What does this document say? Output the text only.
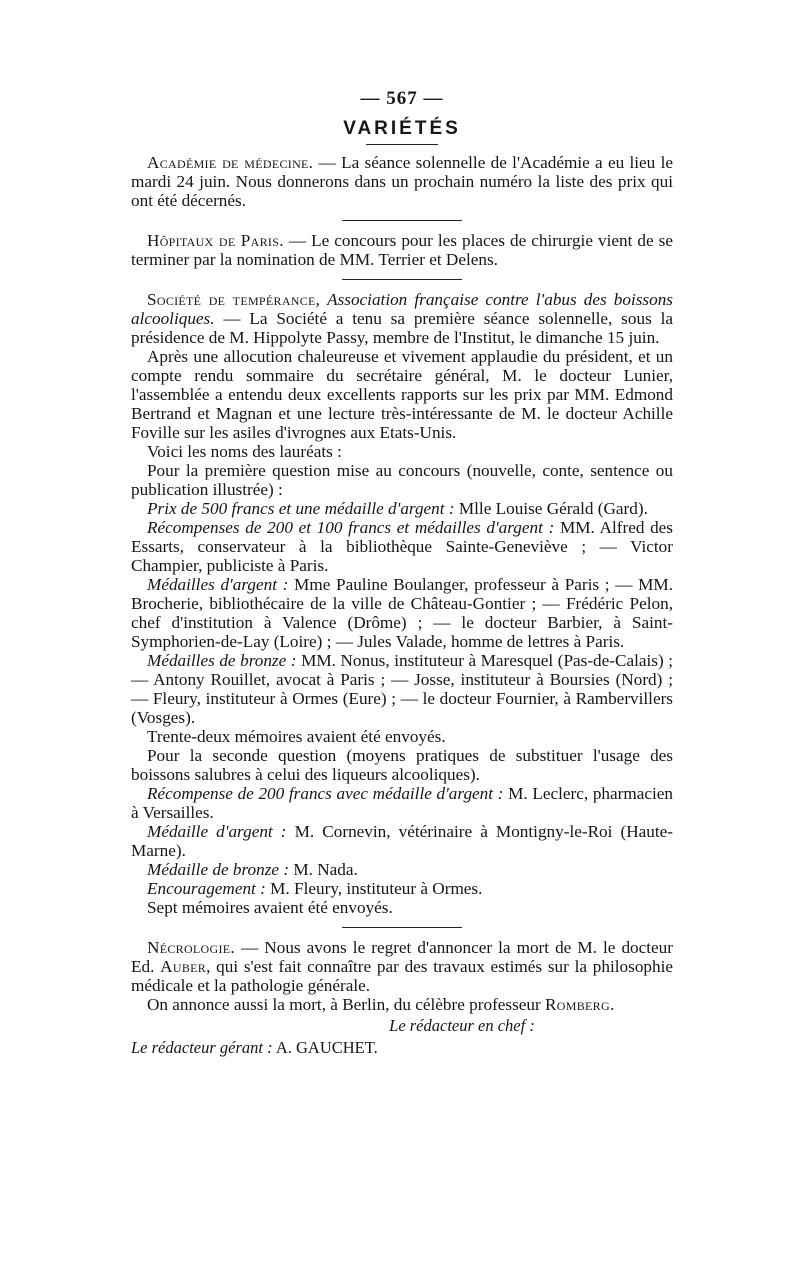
— 567 —
VARIÉTÉS

Académie de médecine. — La séance solennelle de l'Académie a eu lieu le mardi 24 juin. Nous donnerons dans un prochain numéro la liste des prix qui ont été décernés.

Hôpitaux de Paris. — Le concours pour les places de chirurgie vient de se terminer par la nomination de MM. Terrier et Delens.

Société de tempérance, Association française contre l'abus des boissons alcooliques. — La Société a tenu sa première séance solennelle, sous la présidence de M. Hippolyte Passy, membre de l'Institut, le dimanche 15 juin.

Après une allocution chaleureuse et vivement applaudie du président, et un compte rendu sommaire du secrétaire général, M. le docteur Lunier, l'assemblée a entendu deux excellents rapports sur les prix par MM. Edmond Bertrand et Magnan et une lecture très-intéressante de M. le docteur Achille Foville sur les asiles d'ivrognes aux Etats-Unis.

Voici les noms des lauréats :

Pour la première question mise au concours (nouvelle, conte, sentence ou publication illustrée) :

Prix de 500 francs et une médaille d'argent : Mlle Louise Gérald (Gard).

Récompenses de 200 et 100 francs et médailles d'argent : MM. Alfred des Essarts, conservateur à la bibliothèque Sainte-Geneviève ; — Victor Champier, publiciste à Paris.

Médailles d'argent : Mme Pauline Boulanger, professeur à Paris ; — MM. Brocherie, bibliothécaire de la ville de Château-Gontier ; — Frédéric Pelon, chef d'institution à Valence (Drôme) ; — le docteur Barbier, à Saint-Symphorien-de-Lay (Loire) ; — Jules Valade, homme de lettres à Paris.

Médailles de bronze : MM. Nonus, instituteur à Maresquel (Pas-de-Calais) ; — Antony Rouillet, avocat à Paris ; — Josse, instituteur à Boursies (Nord) ; — Fleury, instituteur à Ormes (Eure) ; — le docteur Fournier, à Rambervillers (Vosges).

Trente-deux mémoires avaient été envoyés.

Pour la seconde question (moyens pratiques de substituer l'usage des boissons salubres à celui des liqueurs alcooliques).

Récompense de 200 francs avec médaille d'argent : M. Leclerc, pharmacien à Versailles.

Médaille d'argent : M. Cornevin, vétérinaire à Montigny-le-Roi (Haute-Marne).

Médaille de bronze : M. Nada.

Encouragement : M. Fleury, instituteur à Ormes.

Sept mémoires avaient été envoyés.

Nécrologie. — Nous avons le regret d'annoncer la mort de M. le docteur Ed. Auber, qui s'est fait connaître par des travaux estimés sur la philosophie médicale et la pathologie générale.

On annonce aussi la mort, à Berlin, du célèbre professeur Romberg.

Le rédacteur en chef :
Le rédacteur gérant : A. GAUCHET.
